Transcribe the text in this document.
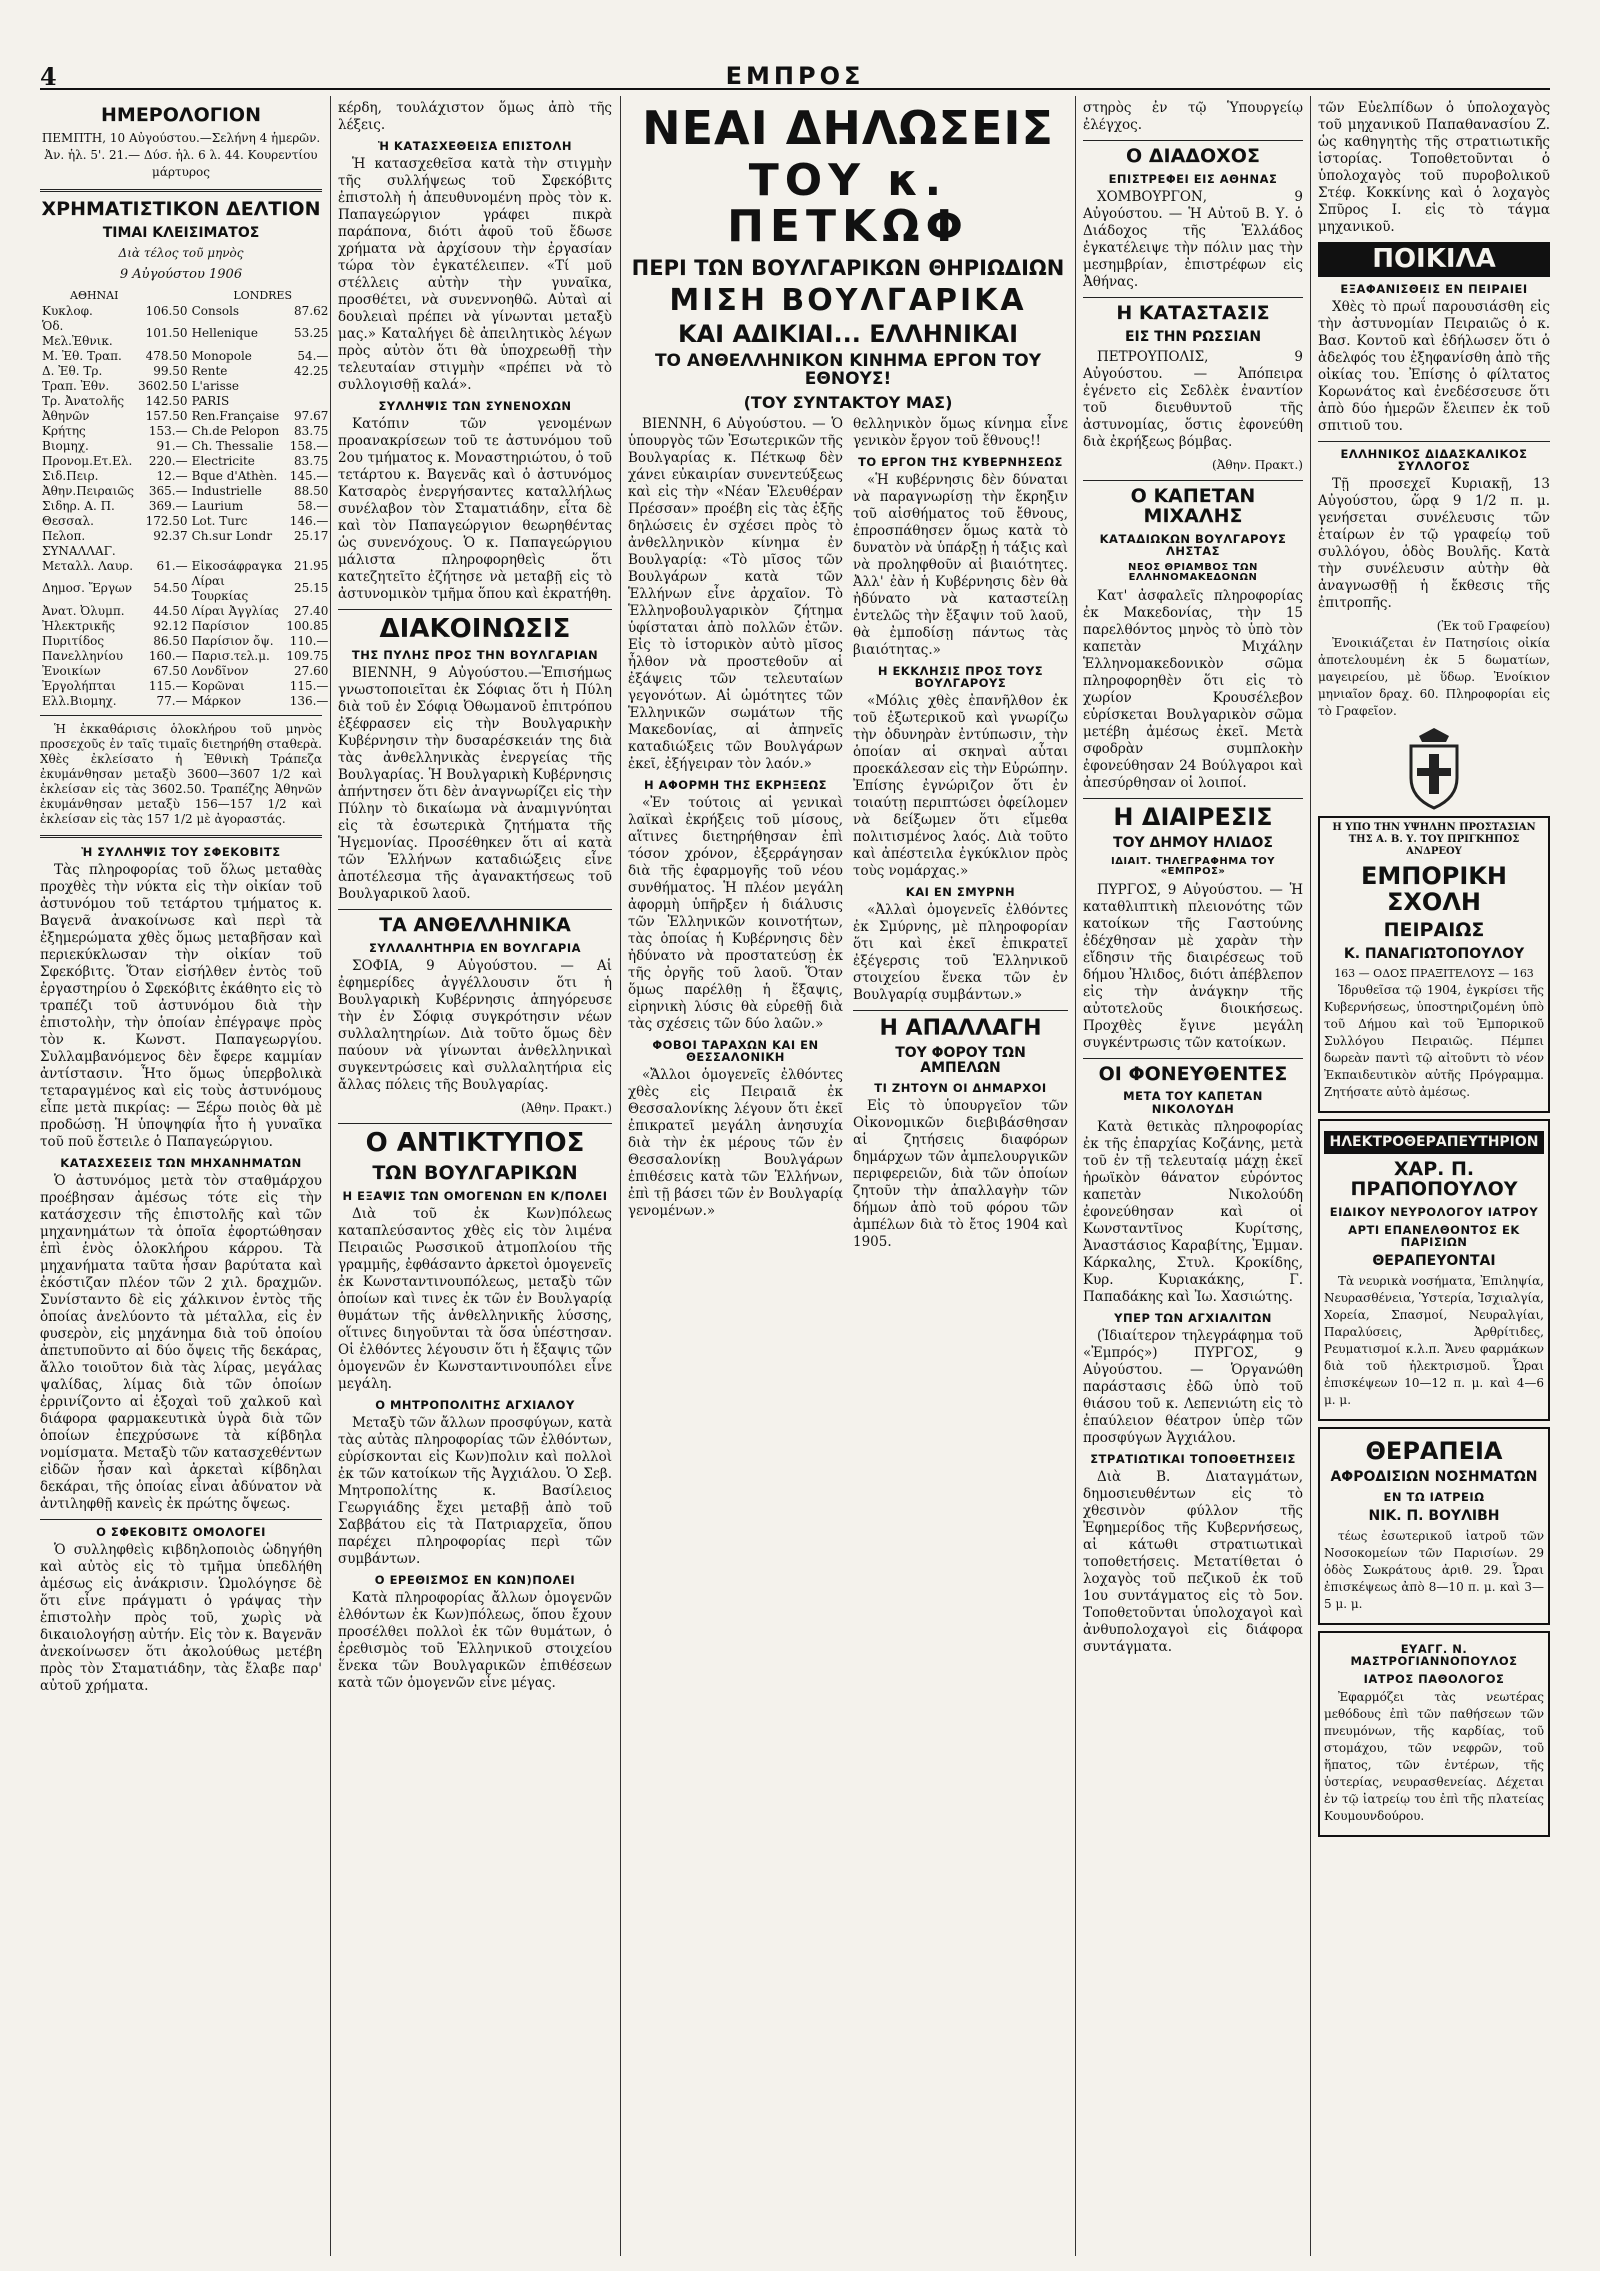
4	ΕΜΠΡΟΣ
ΗΜΕΡΟΛΟΓΙΟΝ

ΠΕΜΠΤΗ, 10 Αὐγούστου.—Σελήνη 4 ἡμερῶν. Ἀν. ἡλ. 5'. 21.— Δύσ. ἡλ. 6 λ. 44. Κουρεντίου μάρτυρος

ΧΡΗΜΑΤΙΣΤΙΚΟΝ ΔΕΛΤΙΟΝ
ΤΙΜΑΙ ΚΛΕΙΣΙΜΑΤΟΣ
Διὰ τέλος τοῦ μηνὸς
9 Αὐγούστου 1906
ΑΘΗΝΑΙ	LONDRES
Κυκλοφ.	106.50	Consols	87.62
Ὁδ. Μελ.Ἐθνικ.	101.50	Hellenique	53.25
Μ. Ἐθ. Τραπ.	478.50	Monopole	54.—
Δ. Ἐθ. Τρ.	99.50	Rente	42.25
Τραπ. Ἐθν.	3602.50	L'arisse	
Τρ. Ἀνατολῆς	142.50	PARIS	
Ἀθηνῶν	157.50	Ren.Française	97.67
Κρήτης	153.—	Ch.de Pelopon	83.75
Βιομηχ.	91.—	Ch. Thessalie	158.—
Προνομ.Ετ.Ελ.	220.—	Electricite	83.75
Σιδ.Πειρ.	12.—	Bque d'Athèn.	145.—
Ἀθην.Πειραιῶς	365.—	Industrielle	88.50
Σιδηρ. Α. Π.	369.—	Laurium	58.—
Θεσσαλ.	172.50	Lot. Turc	146.—
Πελοπ.	92.37	Ch.sur Londr	25.17
ΣΥΝΑΛΛΑΓ.			
Μεταλλ. Λαυρ.	61.—	Εἰκοσάφραγκα	21.95
Δημοσ. Ἔργων	54.50	Λίραι Τουρκίας	25.15
Ἀνατ. Ὀλυμπ.	44.50	Λίραι Ἀγγλίας	27.40
Ἠλεκτρικῆς	92.12	Παρίσιον	100.85
Πυριτίδος	86.50	Παρίσιον ὄψ.	110.—
Πανελληνίου	160.—	Παρισ.τελ.μ.	109.75
Ἐνοικίων	67.50	Λονδῖνον	27.60
Ἐργολήπται	115.—	Κορῶναι	115.—
Ελλ.Βιομηχ.	77.—	Μάρκον	136.—

Ἡ ἐκκαθάρισις ὁλοκλήρου τοῦ μηνὸς προσεχοῦς ἐν ταῖς τιμαῖς διετηρήθη σταθερὰ. Χθὲς ἐκλείσατο ἡ Ἐθνικὴ Τράπεζα ἐκυμάνθησαν μεταξὺ 3600—3607 1/2 καὶ ἐκλείσαν εἰς τὰς 3602.50. Τραπέζης Ἀθηνῶν ἐκυμάνθησαν μεταξὺ 156—157 1/2 καὶ ἐκλείσαν εἰς τὰς 157 1/2 μὲ ἀγοραστάς.

Ἡ ΣΥΛΛΗΨΙΣ ΤΟΥ ΣΦΕΚΟΒΙΤΣ

Τὰς πληροφορίας τοῦ ὅλως μεταθὰς προχθὲς τὴν νύκτα εἰς τὴν οἰκίαν τοῦ ἀστυνόμου τοῦ τετάρτου τμήματος κ. Βαγενᾶ ἀνακοίνωσε καὶ περὶ τὰ ἐξημερώματα χθὲς ὅμως μεταβῆσαν καὶ περιεκύκλωσαν τὴν οἰκίαν τοῦ Σφεκόβιτς. Ὅταν εἰσήλθεν ἐντὸς τοῦ ἐργαστηρίου ὁ Σφεκόβιτς ἐκάθητο εἰς τὸ τραπέζι τοῦ ἀστυνόμου διὰ τὴν ἐπιστολὴν, τὴν ὁποίαν ἐπέγραψε πρὸς τὸν κ. Κωνστ. Παπαγεωργίου. Συλλαμβανόμενος δὲν ἔφερε καμμίαν ἀντίστασιν. Ἦτο ὅμως ὑπερβολικὰ τεταραγμένος καὶ εἰς τοὺς ἀστυνόμους εἶπε μετὰ πικρίας: — Ξέρω ποιὸς θὰ μὲ προδώσῃ. Ἡ ὑποψηφία ἦτο ἡ γυναῖκα τοῦ ποῦ ἔστειλε ὁ Παπαγεώργιου.

ΚΑΤΑΣΧΕΣΕΙΣ ΤΩΝ ΜΗΧΑΝΗΜΑΤΩΝ

Ὁ ἀστυνόμος μετὰ τὸν σταθμάρχου προέβησαν ἀμέσως τότε εἰς τὴν κατάσχεσιν τῆς ἐπιστολῆς καὶ τῶν μηχανημάτων τὰ ὁποῖα ἐφορτώθησαν ἐπὶ ἑνὸς ὁλοκλήρου κάρρου. Τὰ μηχανήματα ταῦτα ἦσαν βαρύτατα καὶ ἐκόστιζαν πλέον τῶν 2 χιλ. δραχμῶν. Συνίσταντο δὲ εἰς χάλκινον ἐντὸς τῆς ὁποίας ἀνελύοντο τὰ μέταλλα, εἰς ἐν φυσερὸν, εἰς μηχάνημα διὰ τοῦ ὁποίου ἀπετυποῦντο αἱ δύο ὄψεις τῆς δεκάρας, ἄλλο τοιοῦτον διὰ τὰς λίρας, μεγάλας ψαλίδας, λίμας διὰ τῶν ὁποίων ἐρρινίζοντο αἱ ἐξοχαὶ τοῦ χαλκοῦ καὶ διάφορα φαρμακευτικὰ ὑγρὰ διὰ τῶν ὁποίων ἐπεχρύσωνε τὰ κίβδηλα νομίσματα. Μεταξὺ τῶν κατασχεθέντων εἰδῶν ἦσαν καὶ ἀρκεταὶ κίβδηλαι δεκάραι, τῆς ὁποίας εἶναι ἀδύνατον νὰ ἀντιληφθῇ κανεὶς ἐκ πρώτης ὄψεως.

Ο ΣΦΕΚΟΒΙΤΣ ΟΜΟΛΟΓΕΙ

Ὁ συλληφθεὶς κιβδηλοποιὸς ὡδηγήθη καὶ αὐτὸς εἰς τὸ τμῆμα ὑπεδλήθη ἀμέσως εἰς ἀνάκρισιν. Ὡμολόγησε δὲ ὅτι εἶνε πράγματι ὁ γράψας τὴν ἐπιστολὴν πρὸς τοῦ, χωρὶς νὰ δικαιολογήσῃ αὐτήν. Εἰς τὸν κ. Βαγενᾶν ἀνεκοίνωσεν ὅτι ἀκολούθως μετέβη πρὸς τὸν Σταματιάδην, τὰς ἔλαβε παρ' αὐτοῦ χρήματα.

κέρδη, τουλάχιστον ὅμως ἀπὸ τῆς λέξεις.

Ἡ ΚΑΤΑΣΧΕΘΕΙΣΑ ΕΠΙΣΤΟΛΗ

Ἡ κατασχεθεῖσα κατὰ τὴν στιγμὴν τῆς συλλήψεως τοῦ Σφεκόβιτς ἐπιστολὴ ἡ ἀπευθυνομένη πρὸς τὸν κ. Παπαγεώργιον γράφει πικρὰ παράπονα, διότι ἀφοῦ τοῦ ἔδωσε χρήματα νὰ ἀρχίσουν τὴν ἐργασίαν τώρα τὸν ἐγκατέλειπεν. «Τί μοῦ στέλλεις αὐτὴν τὴν γυναῖκα, προσθέτει, νὰ συνεννοηθῶ. Αὐταὶ αἱ δουλειαὶ πρέπει νὰ γίνωνται μεταξὺ μας.» Καταλήγει δὲ ἀπειλητικὸς λέγων πρὸς αὐτὸν ὅτι θὰ ὑποχρεωθῇ τὴν τελευταίαν στιγμὴν «πρέπει νὰ τὸ συλλογισθῇ καλά».

ΣΥΛΛΗΨΙΣ ΤΩΝ ΣΥΝΕΝΟΧΩΝ

Κατόπιν τῶν γενομένων προανακρίσεων τοῦ τε ἀστυνόμου τοῦ 2ου τμήματος κ. Μοναστηριώτου, ὁ τοῦ τετάρτου κ. Βαγενᾶς καὶ ὁ ἀστυνόμος Κατσαρὸς ἐνεργήσαντες καταλλήλως συνέλαβον τὸν Σταματιάδην, εἶτα δὲ καὶ τὸν Παπαγεώργιον θεωρηθέντας ὡς συνενόχους. Ὁ κ. Παπαγεώργιου μάλιστα πληροφορηθεὶς ὅτι κατεζητεῖτο ἐζήτησε νὰ μεταβῇ εἰς τὸ ἀστυνομικὸν τμῆμα ὅπου καὶ ἐκρατήθη.

ΔΙΑΚΟΙΝΩΣΙΣ
ΤΗΣ ΠΥΛΗΣ ΠΡΟΣ ΤΗΝ ΒΟΥΛΓΑΡΙΑΝ

ΒΙΕΝΝΗ, 9 Αὐγούστου.—Ἐπισήμως γνωστοποιεῖται ἐκ Σόφιας ὅτι ἡ Πύλη διὰ τοῦ ἐν Σόφιᾳ Ὀθωμανοῦ ἐπιτρόπου ἐξέφρασεν εἰς τὴν Βουλγαρικὴν Κυβέρνησιν τὴν δυσαρέσκειάν της διὰ τὰς ἀνθελληνικὰς ἐνεργείας τῆς Βουλγαρίας. Ἡ Βουλγαρικὴ Κυβέρνησις ἀπήντησεν ὅτι δὲν ἀναγνωρίζει εἰς τὴν Πύλην τὸ δικαίωμα νὰ ἀναμιγνύηται εἰς τὰ ἐσωτερικὰ ζητήματα τῆς Ἡγεμονίας. Προσέθηκεν ὅτι αἱ κατὰ τῶν Ἑλλήνων καταδιώξεις εἶνε ἀποτέλεσμα τῆς ἀγανακτήσεως τοῦ Βουλγαρικοῦ λαοῦ.

ΤΑ ΑΝΘΕΛΛΗΝΙΚΑ
ΣΥΛΛΑΛΗΤΗΡΙΑ ΕΝ ΒΟΥΛΓΑΡΙΑ

ΣΟΦΙΑ, 9 Αὐγούστου. — Αἱ ἐφημερίδες ἀγγέλλουσιν ὅτι ἡ Βουλγαρικὴ Κυβέρνησις ἀπηγόρευσε τὴν ἐν Σόφιᾳ συγκρότησιν νέων συλλαλητηρίων. Διὰ τοῦτο ὅμως δὲν παύουν νὰ γίνωνται ἀνθελληνικαὶ συγκεντρώσεις καὶ συλλαλητήρια εἰς ἄλλας πόλεις τῆς Βουλγαρίας.

(Ἀθην. Πρακτ.)
Ο ΑΝΤΙΚΤΥΠΟΣ
ΤΩΝ ΒΟΥΛΓΑΡΙΚΩΝ
Η ΕΞΑΨΙΣ ΤΩΝ ΟΜΟΓΕΝΩΝ ΕΝ Κ/ΠΟΛΕΙ

Διὰ τοῦ ἐκ Κων)πόλεως καταπλεύσαντος χθὲς εἰς τὸν λιμένα Πειραιῶς Ρωσσικοῦ ἀτμοπλοίου τῆς γραμμῆς, ἐφθάσαντο ἀρκετοὶ ὁμογενεῖς ἐκ Κωνσταντινουπόλεως, μεταξὺ τῶν ὁποίων καὶ τινες ἐκ τῶν ἐν Βουλγαρίᾳ θυμάτων τῆς ἀνθελληνικῆς λύσσης, οἵτινες διηγοῦνται τὰ ὅσα ὑπέστησαν. Οἱ ἐλθόντες λέγουσιν ὅτι ἡ ἔξαψις τῶν ὁμογενῶν ἐν Κωνσταντινουπόλει εἶνε μεγάλη.

Ο ΜΗΤΡΟΠΟΛΙΤΗΣ ΑΓΧΙΑΛΟΥ

Μεταξὺ τῶν ἄλλων προσφύγων, κατὰ τὰς αὐτὰς πληροφορίας τῶν ἐλθόντων, εὑρίσκονται εἰς Κων)πολιν καὶ πολλοὶ ἐκ τῶν κατοίκων τῆς Ἀγχιάλου. Ὁ Σεβ. Μητροπολίτης κ. Βασίλειος Γεωργιάδης ἔχει μεταβῇ ἀπὸ τοῦ Σαββάτου εἰς τὰ Πατριαρχεῖα, ὅπου παρέχει πληροφορίας περὶ τῶν συμβάντων.

Ο ΕΡΕΘΙΣΜΟΣ ΕΝ ΚΩΝ)ΠΟΛΕΙ

Κατὰ πληροφορίας ἄλλων ὁμογενῶν ἐλθόντων ἐκ Κων)πόλεως, ὅπου ἔχουν προσέλθει πολλοὶ ἐκ τῶν θυμάτων, ὁ ἐρεθισμὸς τοῦ Ἑλληνικοῦ στοιχείου ἕνεκα τῶν Βουλγαρικῶν ἐπιθέσεων κατὰ τῶν ὁμογενῶν εἶνε μέγας.

ΝΕΑΙ ΔΗΛΩΣΕΙΣ
ΤΟΥ κ. ΠΕΤΚΩΦ
ΠΕΡΙ ΤΩΝ ΒΟΥΛΓΑΡΙΚΩΝ ΘΗΡΙΩΔΙΩΝ
ΜΙΣΗ ΒΟΥΛΓΑΡΙΚΑ
ΚΑΙ ΑΔΙΚΙΑΙ... ΕΛΛΗΝΙΚΑΙ
ΤΟ ΑΝΘΕΛΛΗΝΙΚΟΝ ΚΙΝΗΜΑ ΕΡΓΟΝ ΤΟΥ ΕΘΝΟΥΣ!
(ΤΟΥ ΣΥΝΤΑΚΤΟΥ ΜΑΣ)

ΒΙΕΝΝΗ, 6 Αὐγούστου. — Ὁ ὑπουργὸς τῶν Ἐσωτερικῶν τῆς Βουλγαρίας κ. Πέτκωφ δὲν χάνει εὐκαιρίαν συνεντεύξεως καὶ εἰς τὴν «Νέαν Ἐλευθέραν Πρέσσαν» προέβη εἰς τὰς ἑξῆς δηλώσεις ἐν σχέσει πρὸς τὸ ἀνθελληνικὸν κίνημα ἐν Βουλγαρίᾳ: «Τὸ μῖσος τῶν Βουλγάρων κατὰ τῶν Ἑλλήνων εἶνε ἀρχαῖον. Τὸ Ἑλληνοβουλγαρικὸν ζήτημα ὑφίσταται ἀπὸ πολλῶν ἐτῶν. Εἰς τὸ ἱστορικὸν αὐτὸ μῖσος ἦλθον νὰ προστεθοῦν αἱ ἐξάψεις τῶν τελευταίων γεγονότων. Αἱ ὠμότητες τῶν Ἑλληνικῶν σωμάτων τῆς Μακεδονίας, αἱ ἀπηνεῖς καταδιώξεις τῶν Βουλγάρων ἐκεῖ, ἐξήγειραν τὸν λαόν.»

Η ΑΦΟΡΜΗ ΤΗΣ ΕΚΡΗΞΕΩΣ

«Ἐν τούτοις αἱ γενικαὶ λαϊκαὶ ἐκρήξεις τοῦ μίσους, αἵτινες διετηρήθησαν ἐπὶ τόσον χρόνον, ἐξερράγησαν διὰ τῆς ἐφαρμογῆς τοῦ νέου συνθήματος. Ἡ πλέον μεγάλη ἀφορμὴ ὑπῆρξεν ἡ διάλυσις τῶν Ἑλληνικῶν κοινοτήτων, τὰς ὁποίας ἡ Κυβέρνησις δὲν ἠδύνατο νὰ προστατεύσῃ ἐκ τῆς ὀργῆς τοῦ λαοῦ. Ὅταν ὅμως παρέλθῃ ἡ ἔξαψις, εἰρηνικὴ λύσις θὰ εὑρεθῇ διὰ τὰς σχέσεις τῶν δύο λαῶν.»

ΦΟΒΟΙ ΤΑΡΑΧΩΝ ΚΑΙ ΕΝ ΘΕΣΣΑΛΟΝΙΚΗ

«Ἄλλοι ὁμογενεῖς ἐλθόντες χθὲς εἰς Πειραιᾶ ἐκ Θεσσαλονίκης λέγουν ὅτι ἐκεῖ ἐπικρατεῖ μεγάλη ἀνησυχία διὰ τὴν ἐκ μέρους τῶν ἐν Θεσσαλονίκῃ Βουλγάρων ἐπιθέσεις κατὰ τῶν Ἑλλήνων, ἐπὶ τῇ βάσει τῶν ἐν Βουλγαρίᾳ γενομένων.»

θελληνικὸν ὅμως κίνημα εἶνε γενικὸν ἔργον τοῦ ἔθνους!!

ΤΟ ΕΡΓΟΝ ΤΗΣ ΚΥΒΕΡΝΗΣΕΩΣ

«Ἡ κυβέρνησις δὲν δύναται νὰ παραγνωρίσῃ τὴν ἔκρηξιν τοῦ αἰσθήματος τοῦ ἔθνους, ἐπροσπάθησεν ὅμως κατὰ τὸ δυνατὸν νὰ ὑπάρξῃ ἡ τάξις καὶ νὰ προληφθοῦν αἱ βιαιότητες. Ἀλλ' ἐὰν ἡ Κυβέρνησις δὲν θὰ ἠδύνατο νὰ καταστείλῃ ἐντελῶς τὴν ἔξαψιν τοῦ λαοῦ, θὰ ἐμποδίσῃ πάντως τὰς βιαιότητας.»

Η ΕΚΚΛΗΣΙΣ ΠΡΟΣ ΤΟΥΣ ΒΟΥΛΓΑΡΟΥΣ

«Μόλις χθὲς ἐπανῆλθον ἐκ τοῦ ἐξωτερικοῦ καὶ γνωρίζω τὴν ὀδυνηρὰν ἐντύπωσιν, τὴν ὁποίαν αἱ σκηναὶ αὗται προεκάλεσαν εἰς τὴν Εὐρώπην. Ἐπίσης ἐγνώριζον ὅτι ἐν τοιαύτῃ περιπτώσει ὀφείλομεν νὰ δείξωμεν ὅτι εἴμεθα πολιτισμένος λαός. Διὰ τοῦτο καὶ ἀπέστειλα ἐγκύκλιον πρὸς τοὺς νομάρχας.»

ΚΑΙ ΕΝ ΣΜΥΡΝΗ

«Ἀλλαὶ ὁμογενεῖς ἐλθόντες ἐκ Σμύρνης, μὲ πληροφορίαν ὅτι καὶ ἐκεῖ ἐπικρατεῖ ἐξέγερσις τοῦ Ἑλληνικοῦ στοιχείου ἕνεκα τῶν ἐν Βουλγαρίᾳ συμβάντων.»

Η ΑΠΑΛΛΑΓΗ
ΤΟΥ ΦΟΡΟΥ ΤΩΝ ΑΜΠΕΛΩΝ
ΤΙ ΖΗΤΟΥΝ ΟΙ ΔΗΜΑΡΧΟΙ

Εἰς τὸ ὑπουργεῖον τῶν Οἰκονομικῶν διεβιβάσθησαν αἱ ζητήσεις διαφόρων δημάρχων τῶν ἀμπελουργικῶν περιφερειῶν, διὰ τῶν ὁποίων ζητοῦν τὴν ἀπαλλαγὴν τῶν δήμων ἀπὸ τοῦ φόρου τῶν ἀμπέλων διὰ τὸ ἔτος 1904 καὶ 1905.

στηρὸς ἐν τῷ Ὑπουργείῳ ἐλέγχος.

Ο ΔΙΑΔΟΧΟΣ
ΕΠΙΣΤΡΕΦΕΙ ΕΙΣ ΑΘΗΝΑΣ

ΧΟΜΒΟΥΡΓΟΝ, 9 Αὐγούστου. — Ἡ Αὐτοῦ Β. Υ. ὁ Διάδοχος τῆς Ἑλλάδος ἐγκατέλειψε τὴν πόλιν μας τὴν μεσημβρίαν, ἐπιστρέφων εἰς Ἀθήνας.

Η ΚΑΤΑΣΤΑΣΙΣ
ΕΙΣ ΤΗΝ ΡΩΣΣΙΑΝ

ΠΕΤΡΟΥΠΟΛΙΣ, 9 Αὐγούστου. — Ἀπόπειρα ἐγένετο εἰς Σεδλὲκ ἐναντίον τοῦ διευθυντοῦ τῆς ἀστυνομίας, ὅστις ἐφονεύθη διὰ ἐκρήξεως βόμβας.

(Ἀθην. Πρακτ.)
Ο ΚΑΠΕΤΑΝ ΜΙΧΑΛΗΣ
ΚΑΤΑΔΙΩΚΩΝ ΒΟΥΛΓΑΡΟΥΣ ΛΗΣΤΑΣ
ΝΕΟΣ ΘΡΙΑΜΒΟΣ ΤΩΝ ΕΛΛΗΝΟΜΑΚΕΔΟΝΩΝ

Κατ' ἀσφαλεῖς πληροφορίας ἐκ Μακεδονίας, τὴν 15 παρελθόντος μηνὸς τὸ ὑπὸ τὸν καπετὰν Μιχάλην Ἑλληνομακεδονικὸν σῶμα πληροφορηθὲν ὅτι εἰς τὸ χωρίον Κρουσέλεβον εὑρίσκεται Βουλγαρικὸν σῶμα μετέβη ἀμέσως ἐκεῖ. Μετὰ σφοδρὰν συμπλοκὴν ἐφονεύθησαν 24 Βούλγαροι καὶ ἀπεσύρθησαν οἱ λοιποί.

Η ΔΙΑΙΡΕΣΙΣ
ΤΟΥ ΔΗΜΟΥ ΗΛΙΔΟΣ
ΙΔΙΑΙΤ. ΤΗΛΕΓΡΑΦΗΜΑ ΤΟΥ «ΕΜΠΡΟΣ»

ΠΥΡΓΟΣ, 9 Αὐγούστου. — Ἡ καταθλιπτικὴ πλειονότης τῶν κατοίκων τῆς Γαστούνης ἐδέχθησαν μὲ χαρὰν τὴν εἴδησιν τῆς διαιρέσεως τοῦ δήμου Ἠλιδος, διότι ἀπέβλεπον εἰς τὴν ἀνάγκην τῆς αὐτοτελοῦς διοικήσεως. Προχθὲς ἔγινε μεγάλη συγκέντρωσις τῶν κατοίκων.

ΟΙ ΦΟΝΕΥΘΕΝΤΕΣ
ΜΕΤΑ ΤΟΥ ΚΑΠΕΤΑΝ ΝΙΚΟΛΟΥΔΗ

Κατὰ θετικὰς πληροφορίας ἐκ τῆς ἐπαρχίας Κοζάνης, μετὰ τοῦ ἐν τῇ τελευταίᾳ μάχῃ ἐκεῖ ἡρωϊκὸν θάνατον εὑρόντος καπετὰν Νικολούδη ἐφονεύθησαν καὶ οἱ Κωνσταντῖνος Κυρίτσης, Ἀναστάσιος Καραβίτης, Ἐμμαν. Κάρκαλης, Στυλ. Κροκίδης, Κυρ. Κυριακάκης, Γ. Παπαδάκης καὶ Ἰω. Χασιώτης.

ΥΠΕΡ ΤΩΝ ΑΓΧΙΑΛΙΤΩΝ

(Ἰδιαίτερον τηλεγράφημα τοῦ «Ἐμπρός») ΠΥΡΓΟΣ, 9 Αὐγούστου. — Ὁργανώθη παράστασις ἐδῶ ὑπὸ τοῦ θιάσου τοῦ κ. Λεπενιώτη εἰς τὸ ἐπαύλειον θέατρον ὑπὲρ τῶν προσφύγων Ἀγχιάλου.

ΣΤΡΑΤΙΩΤΙΚΑΙ ΤΟΠΟΘΕΤΗΣΕΙΣ

Διὰ Β. Διαταγμάτων, δημοσιευθέντων εἰς τὸ χθεσινὸν φύλλον τῆς Ἐφημερίδος τῆς Κυβερνήσεως, αἱ κάτωθι στρατιωτικαὶ τοποθετήσεις. Μετατίθεται ὁ λοχαγὸς τοῦ πεζικοῦ ἐκ τοῦ 1ου συντάγματος εἰς τὸ 5ον. Τοποθετοῦνται ὑπολοχαγοὶ καὶ ἀνθυπολοχαγοὶ εἰς διάφορα συντάγματα.

τῶν Εὐελπίδων ὁ ὑπολοχαγὸς τοῦ μηχανικοῦ Παπαθανασίου Ζ. ὡς καθηγητὴς τῆς στρατιωτικῆς ἱστορίας. Τοποθετοῦνται ὁ ὑπολοχαγὸς τοῦ πυροβολικοῦ Στέφ. Κοκκίνης καὶ ὁ λοχαγὸς Σπῦρος Ι. εἰς τὸ τάγμα μηχανικοῦ.

ΠΟΙΚΙΛΑ
ΕΞΑΦΑΝΙΣΘΕΙΣ ΕΝ ΠΕΙΡΑΙΕΙ

Χθὲς τὸ πρωΐ παρουσιάσθη εἰς τὴν ἀστυνομίαν Πειραιῶς ὁ κ. Βασ. Κοντοῦ καὶ ἐδήλωσεν ὅτι ὁ ἀδελφός του ἐξηφανίσθη ἀπὸ τῆς οἰκίας του. Ἐπίσης ὁ φίλτατος Κορωνάτος καὶ ἐνεδέσσευσε ὅτι ἀπὸ δύο ἡμερῶν ἔλειπεν ἐκ τοῦ σπιτιοῦ του.

ΕΛΛΗΝΙΚΟΣ ΔΙΔΑΣΚΑΛΙΚΟΣ ΣΥΛΛΟΓΟΣ

Τῇ προσεχεῖ Κυριακῇ, 13 Αὐγούστου, ὥρᾳ 9 1/2 π. μ. γενήσεται συνέλευσις τῶν ἑταίρων ἐν τῷ γραφείῳ τοῦ συλλόγου, ὁδὸς Βουλῆς. Κατὰ τὴν συνέλευσιν αὐτὴν θὰ ἀναγνωσθῇ ἡ ἔκθεσις τῆς ἐπιτροπῆς.

(Ἐκ τοῦ Γραφείου)

Ἐνοικιάζεται ἐν Πατησίοις οἰκία ἀποτελουμένη ἐκ 5 δωματίων, μαγειρείου, μὲ ὕδωρ. Ἐνοίκιον μηνιαῖον δραχ. 60. Πληροφορίαι εἰς τὸ Γραφεῖον.

Η ΥΠΟ ΤΗΝ ΥΨΗΛΗΝ ΠΡΟΣΤΑΣΙΑΝ ΤΗΣ Α. Β. Υ. ΤΟΥ ΠΡΙΓΚΗΠΟΣ ΑΝΔΡΕΟΥ
ΕΜΠΟΡΙΚΗ ΣΧΟΛΗ
ΠΕΙΡΑΙΩΣ
Κ. ΠΑΝΑΓΙΩΤΟΠΟΥΛΟΥ
163 — ΟΔΟΣ ΠΡΑΞΙΤΕΛΟΥΣ — 163

Ἱδρυθεῖσα τῷ 1904, ἐγκρίσει τῆς Κυβερνήσεως, ὑποστηριζομένη ὑπὸ τοῦ Δήμου καὶ τοῦ Ἐμπορικοῦ Συλλόγου Πειραιῶς. Πέμπει δωρεὰν παντὶ τῷ αἰτοῦντι τὸ νέον Ἐκπαιδευτικὸν αὐτῆς Πρόγραμμα. Ζητήσατε αὐτὸ ἀμέσως.

ΗΛΕΚΤΡΟΘΕΡΑΠΕΥΤΗΡΙΟΝ
ΧΑΡ. Π. ΠΡΑΠΟΠΟΥΛΟΥ
ΕΙΔΙΚΟΥ ΝΕΥΡΟΛΟΓΟΥ ΙΑΤΡΟΥ
ΑΡΤΙ ΕΠΑΝΕΛΘΟΝΤΟΣ ΕΚ ΠΑΡΙΣΙΩΝ
ΘΕΡΑΠΕΥΟΝΤΑΙ

Τὰ νευρικὰ νοσήματα, Ἐπιληψία, Νευρασθένεια, Ὑστερία, Ἰσχιαλγία, Χορεία, Σπασμοί, Νευραλγίαι, Παραλύσεις, Ἀρθρίτιδες, Ρευματισμοί κ.λ.π. Ἄνευ φαρμάκων διὰ τοῦ ἠλεκτρισμοῦ. Ὧραι ἐπισκέψεων 10—12 π. μ. καὶ 4—6 μ. μ.

ΘΕΡΑΠΕΙΑ
ΑΦΡΟΔΙΣΙΩΝ ΝΟΣΗΜΑΤΩΝ
ΕΝ ΤΩ ΙΑΤΡΕΙΩ
ΝΙΚ. Π. ΒΟΥΛΙΒΗ

τέως ἐσωτερικοῦ ἰατροῦ τῶν Νοσοκομείων τῶν Παρισίων. 29 ὁδὸς Σωκράτους ἀριθ. 29. Ὧραι ἐπισκέψεως ἀπὸ 8—10 π. μ. καὶ 3—5 μ. μ.

ΕΥΑΓΓ. Ν. ΜΑΣΤΡΟΓΙΑΝΝΟΠΟΥΛΟΣ
ΙΑΤΡΟΣ ΠΑΘΟΛΟΓΟΣ

Ἐφαρμόζει τὰς νεωτέρας μεθόδους ἐπὶ τῶν παθήσεων τῶν πνευμόνων, τῆς καρδίας, τοῦ στομάχου, τῶν νεφρῶν, τοῦ ἥπατος, τῶν ἐντέρων, τῆς ὑστερίας, νευρασθενείας. Δέχεται ἐν τῷ ἰατρείῳ του ἐπὶ τῆς πλατείας Κουμουνδούρου.
